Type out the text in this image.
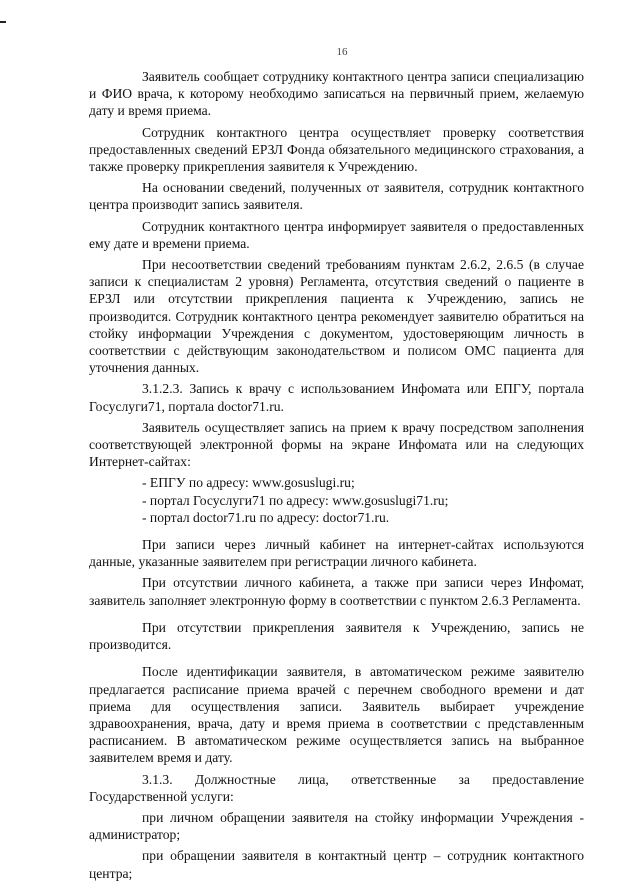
16

Заявитель сообщает сотруднику контактного центра записи специализацию и ФИО врача, к которому необходимо записаться на первичный прием, желаемую дату и время приема.

Сотрудник контактного центра осуществляет проверку соответствия предоставленных сведений ЕРЗЛ Фонда обязательного медицинского страхования, а также проверку прикрепления заявителя к Учреждению.

На основании сведений, полученных от заявителя, сотрудник контактного центра производит запись заявителя.

Сотрудник контактного центра информирует заявителя о предоставленных ему дате и времени приема.

При несоответствии сведений требованиям пунктам 2.6.2, 2.6.5 (в случае записи к специалистам 2 уровня) Регламента, отсутствия сведений о пациенте в ЕРЗЛ или отсутствии прикрепления пациента к Учреждению, запись не производится. Сотрудник контактного центра рекомендует заявителю обратиться на стойку информации Учреждения с документом, удостоверяющим личность в соответствии с действующим законодательством и полисом ОМС пациента для уточнения данных.

3.1.2.3. Запись к врачу с использованием Инфомата или ЕПГУ, портала Госуслуги71, портала doctor71.ru.

Заявитель осуществляет запись на прием к врачу посредством заполнения соответствующей электронной формы на экране Инфомата или на следующих Интернет-сайтах:

- ЕПГУ по адресу: www.gosuslugi.ru;

- портал Госуслуги71 по адресу: www.gosuslugi71.ru;

- портал doctor71.ru по адресу: doctor71.ru.

При записи через личный кабинет на интернет-сайтах используются данные, указанные заявителем при регистрации личного кабинета.

При отсутствии личного кабинета, а также при записи через Инфомат, заявитель заполняет электронную форму в соответствии с пунктом 2.6.3 Регламента.

При отсутствии прикрепления заявителя к Учреждению, запись не производится.

После идентификации заявителя, в автоматическом режиме заявителю предлагается расписание приема врачей с перечнем свободного времени и дат приема для осуществления записи. Заявитель выбирает учреждение здравоохранения, врача, дату и время приема в соответствии с представленным расписанием. В автоматическом режиме осуществляется запись на выбранное заявителем время и дату.

3.1.3. Должностные лица, ответственные за предоставление Государственной услуги:

при личном обращении заявителя на стойку информации Учреждения - администратор;

при обращении заявителя в контактный центр – сотрудник контактного центра;
